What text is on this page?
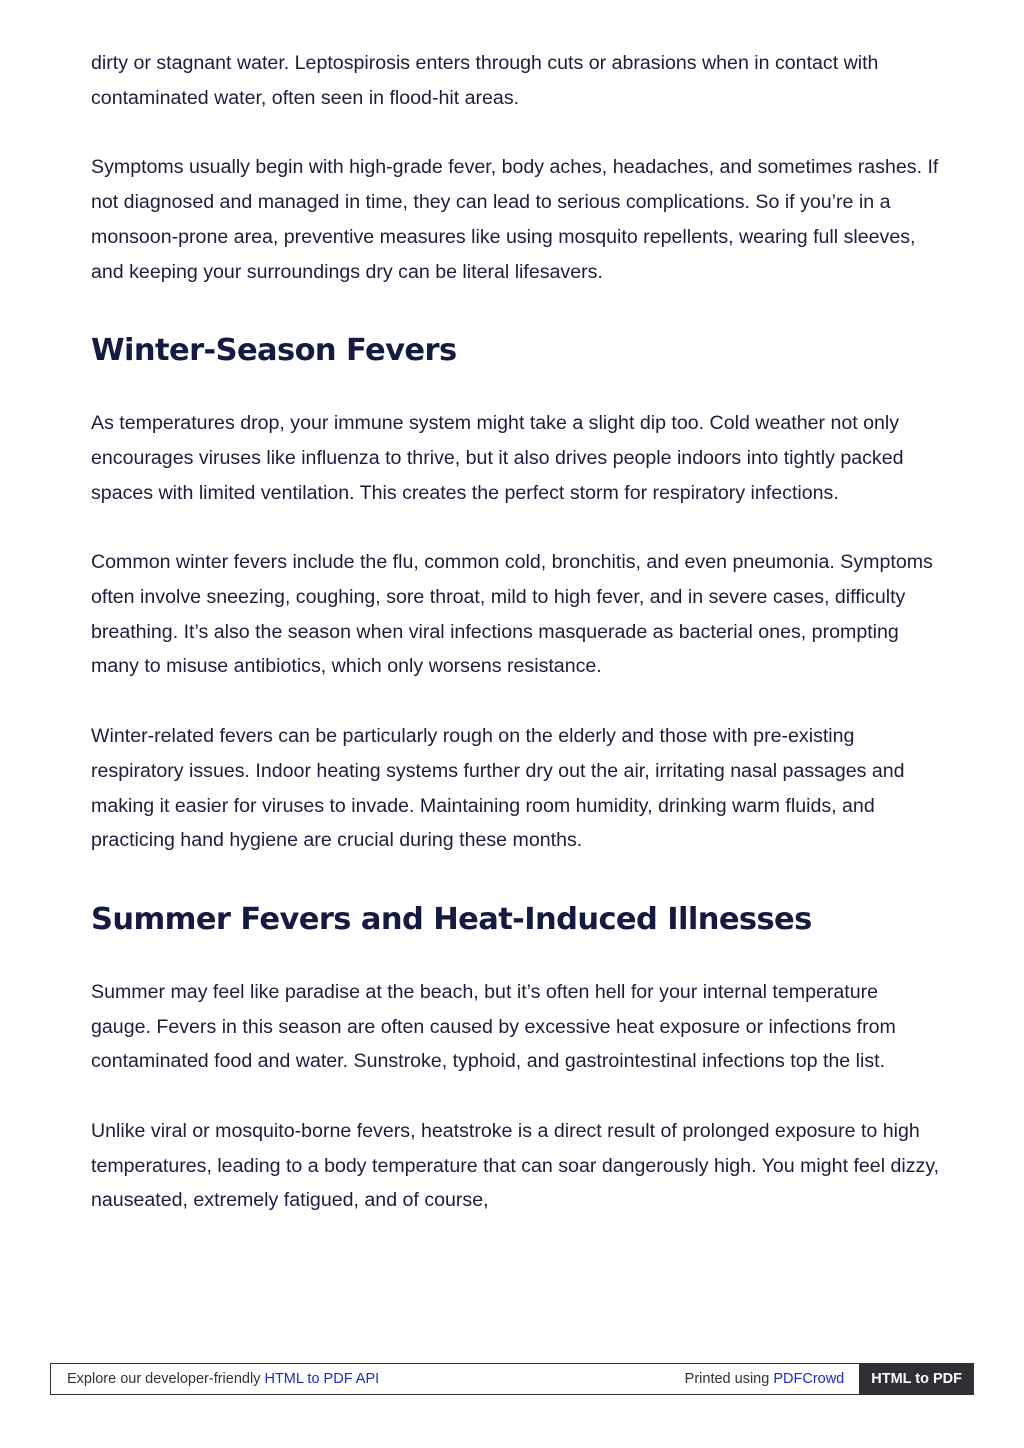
dirty or stagnant water. Leptospirosis enters through cuts or abrasions when in contact with contaminated water, often seen in flood-hit areas.

Symptoms usually begin with high-grade fever, body aches, headaches, and sometimes rashes. If not diagnosed and managed in time, they can lead to serious complications. So if you’re in a monsoon-prone area, preventive measures like using mosquito repellents, wearing full sleeves, and keeping your surroundings dry can be literal lifesavers.

Winter-Season Fevers

As temperatures drop, your immune system might take a slight dip too. Cold weather not only encourages viruses like influenza to thrive, but it also drives people indoors into tightly packed spaces with limited ventilation. This creates the perfect storm for respiratory infections.

Common winter fevers include the flu, common cold, bronchitis, and even pneumonia. Symptoms often involve sneezing, coughing, sore throat, mild to high fever, and in severe cases, difficulty breathing. It’s also the season when viral infections masquerade as bacterial ones, prompting many to misuse antibiotics, which only worsens resistance.

Winter-related fevers can be particularly rough on the elderly and those with pre-existing respiratory issues. Indoor heating systems further dry out the air, irritating nasal passages and making it easier for viruses to invade. Maintaining room humidity, drinking warm fluids, and practicing hand hygiene are crucial during these months.

Summer Fevers and Heat-Induced Illnesses

Summer may feel like paradise at the beach, but it’s often hell for your internal temperature gauge. Fevers in this season are often caused by excessive heat exposure or infections from contaminated food and water. Sunstroke, typhoid, and gastrointestinal infections top the list.

Unlike viral or mosquito-borne fevers, heatstroke is a direct result of prolonged exposure to high temperatures, leading to a body temperature that can soar dangerously high. You might feel dizzy, nauseated, extremely fatigued, and of course,

Explore our developer-friendly HTML to PDF API	Printed using PDFCrowd	HTML to PDF
